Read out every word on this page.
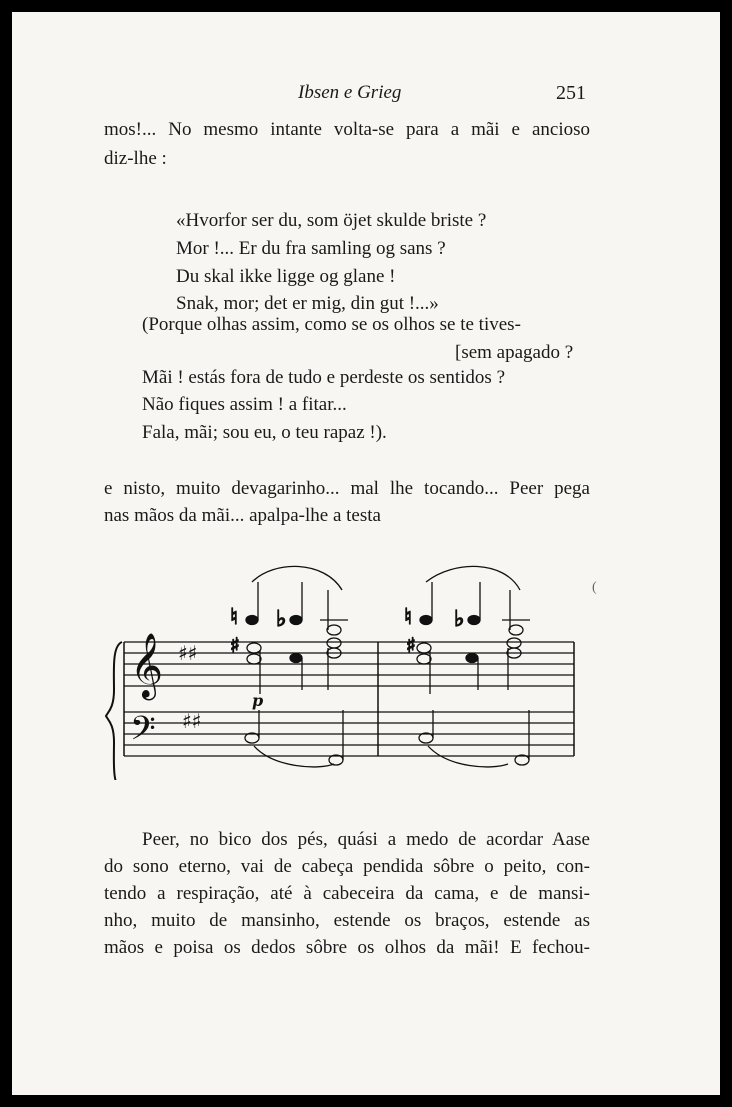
Ibsen e Grieg	251
mos!... No mesmo intante volta-se para a mãi e ancioso
diz-lhe :
«Hvorfor ser du, som öjet skulde briste ?
Mor !... Er du fra samling og sans ?
Du skal ikke ligge og glane !
Snak, mor; det er mig, din gut !...»
(Porque olhas assim, como se os olhos se te tives-
[sem apagado ?
Mãi ! estás fora de tudo e perdeste os sentidos ?
Não fiques assim ! a fitar...
Fala, mãi; sou eu, o teu rapaz !).
e nisto, muito devagarinho... mal lhe tocando... Peer pega
nas mãos da mãi... apalpa-lhe a testa
Peer, no bico dos pés, quási a medo de acordar Aase
do sono eterno, vai de cabeça pendida sôbre o peito, con-
tendo a respiração, até à cabeceira da cama, e de mansi-
nho, muito de mansinho, estende os braços, estende as
mãos e poisa os dedos sôbre os olhos da mãi! E fechou-
(
𝄞
𝄢
♯♯
♯♯
♮ ♭
♯
p
♮ ♭
♯
